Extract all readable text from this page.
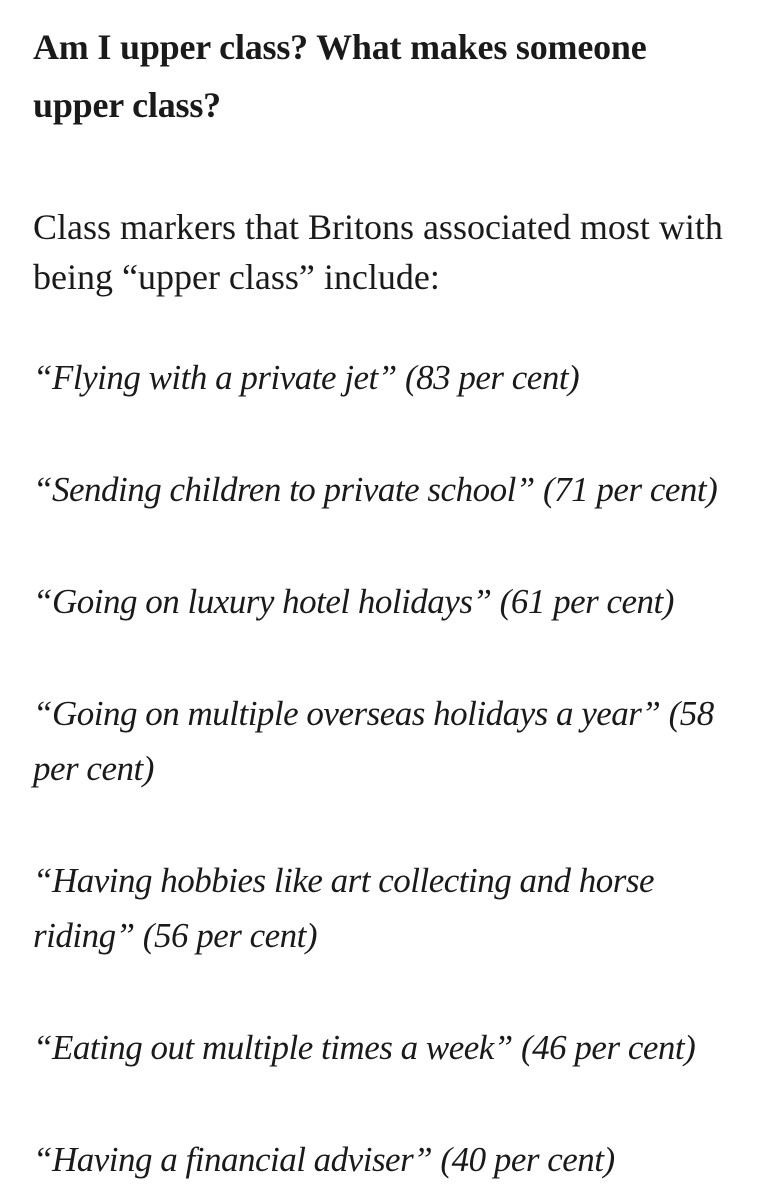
Am I upper class? What makes someone upper class?

Class markers that Britons associated most with being “upper class” include:

“Flying with a private jet” (83 per cent)
“Sending children to private school” (71 per cent)
“Going on luxury hotel holidays” (61 per cent)
“Going on multiple overseas holidays a year” (58 per cent)
“Having hobbies like art collecting and horse riding” (56 per cent)
“Eating out multiple times a week” (46 per cent)
“Having a financial adviser” (40 per cent)
